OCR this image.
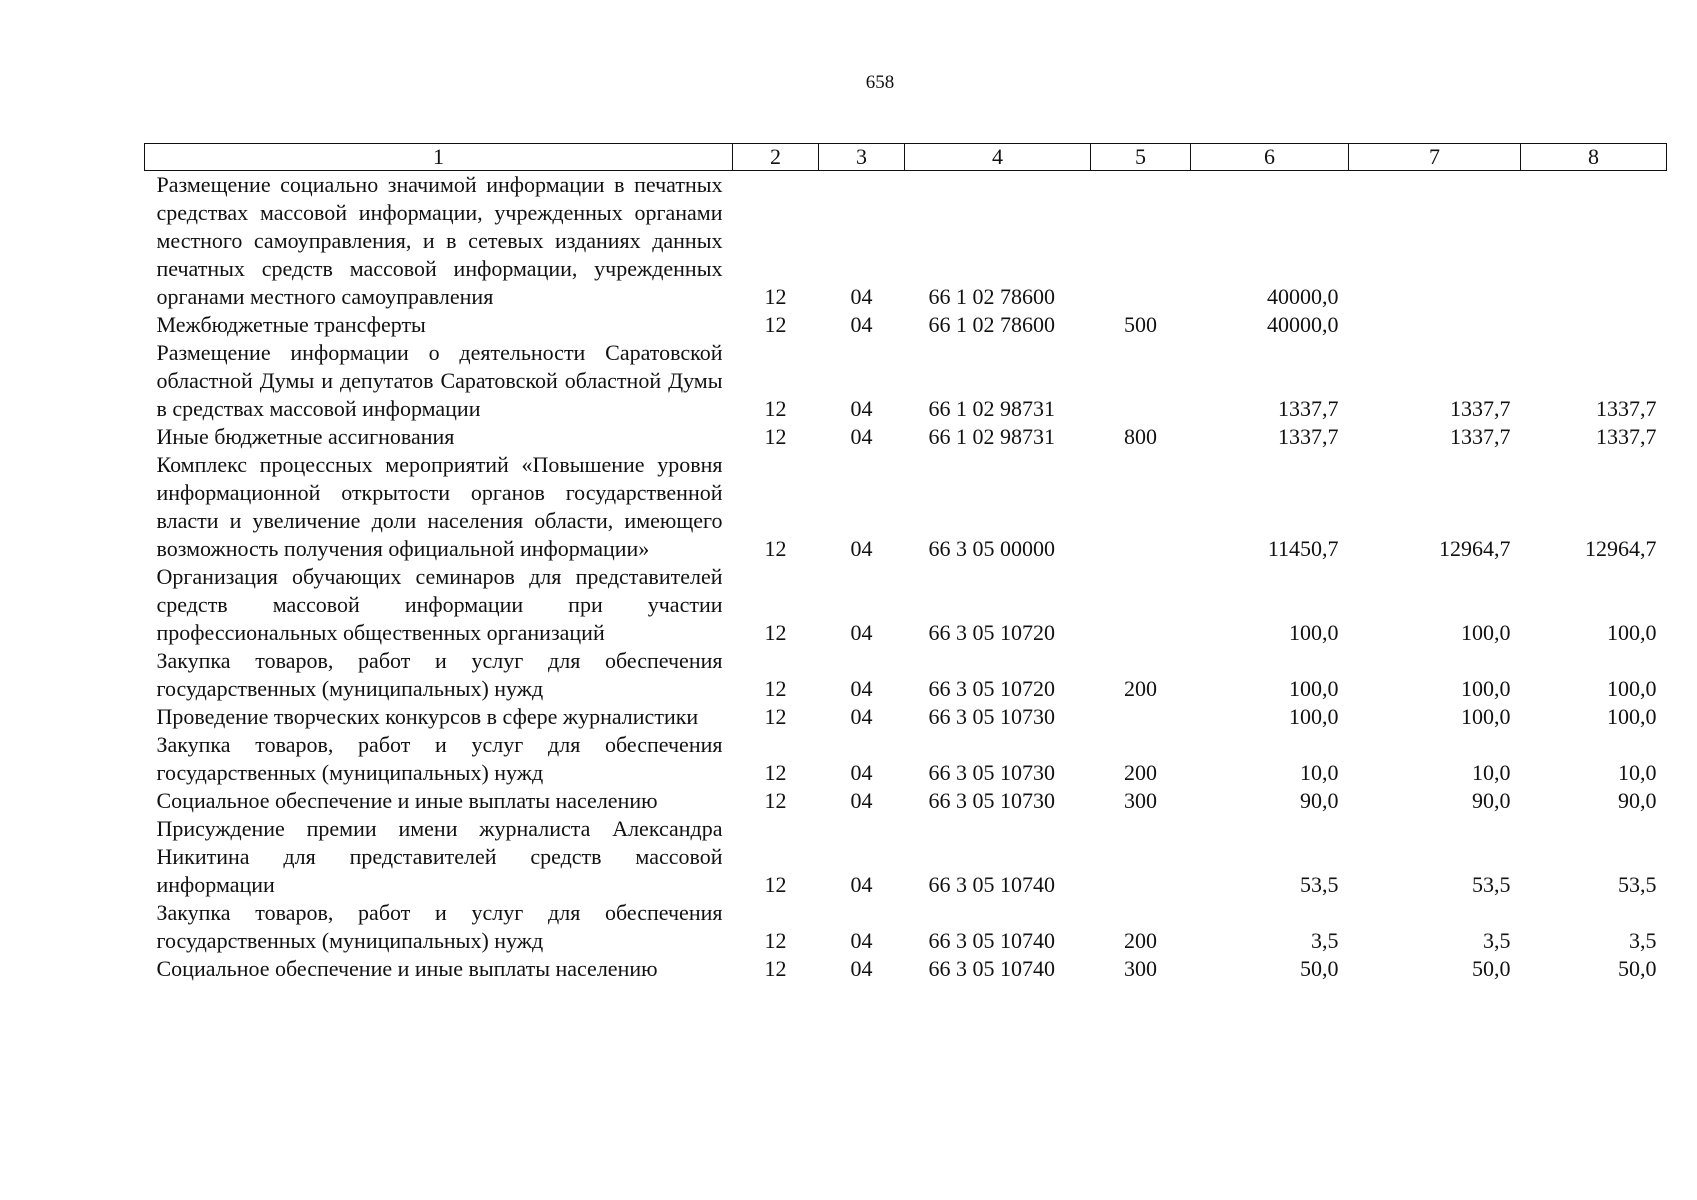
658
1	2	3	4	5	6	7	8
Размещение социально значимой информации в печатных средствах массовой информации, учрежденных органами местного самоуправления, и в сетевых изданиях данных печатных средств массовой информации, учрежденных органами местного самоуправления	12	04	66 1 02 78600		40000,0		
Межбюджетные трансферты	12	04	66 1 02 78600	500	40000,0		
Размещение информации о деятельности Саратовской областной Думы и депутатов Саратовской областной Думы в средствах массовой информации	12	04	66 1 02 98731		1337,7	1337,7	1337,7
Иные бюджетные ассигнования	12	04	66 1 02 98731	800	1337,7	1337,7	1337,7
Комплекс процессных мероприятий «Повышение уровня информационной открытости органов государственной власти и увеличение доли населения области, имеющего возможность получения официальной информации»	12	04	66 3 05 00000		11450,7	12964,7	12964,7
Организация обучающих семинаров для представителей средств массовой информации при участии профессиональных общественных организаций	12	04	66 3 05 10720		100,0	100,0	100,0
Закупка товаров, работ и услуг для обеспечения государственных (муниципальных) нужд	12	04	66 3 05 10720	200	100,0	100,0	100,0
Проведение творческих конкурсов в сфере журналистики	12	04	66 3 05 10730		100,0	100,0	100,0
Закупка товаров, работ и услуг для обеспечения государственных (муниципальных) нужд	12	04	66 3 05 10730	200	10,0	10,0	10,0
Социальное обеспечение и иные выплаты населению	12	04	66 3 05 10730	300	90,0	90,0	90,0
Присуждение премии имени журналиста Александра Никитина для представителей средств массовой информации	12	04	66 3 05 10740		53,5	53,5	53,5
Закупка товаров, работ и услуг для обеспечения государственных (муниципальных) нужд	12	04	66 3 05 10740	200	3,5	3,5	3,5
Социальное обеспечение и иные выплаты населению	12	04	66 3 05 10740	300	50,0	50,0	50,0
